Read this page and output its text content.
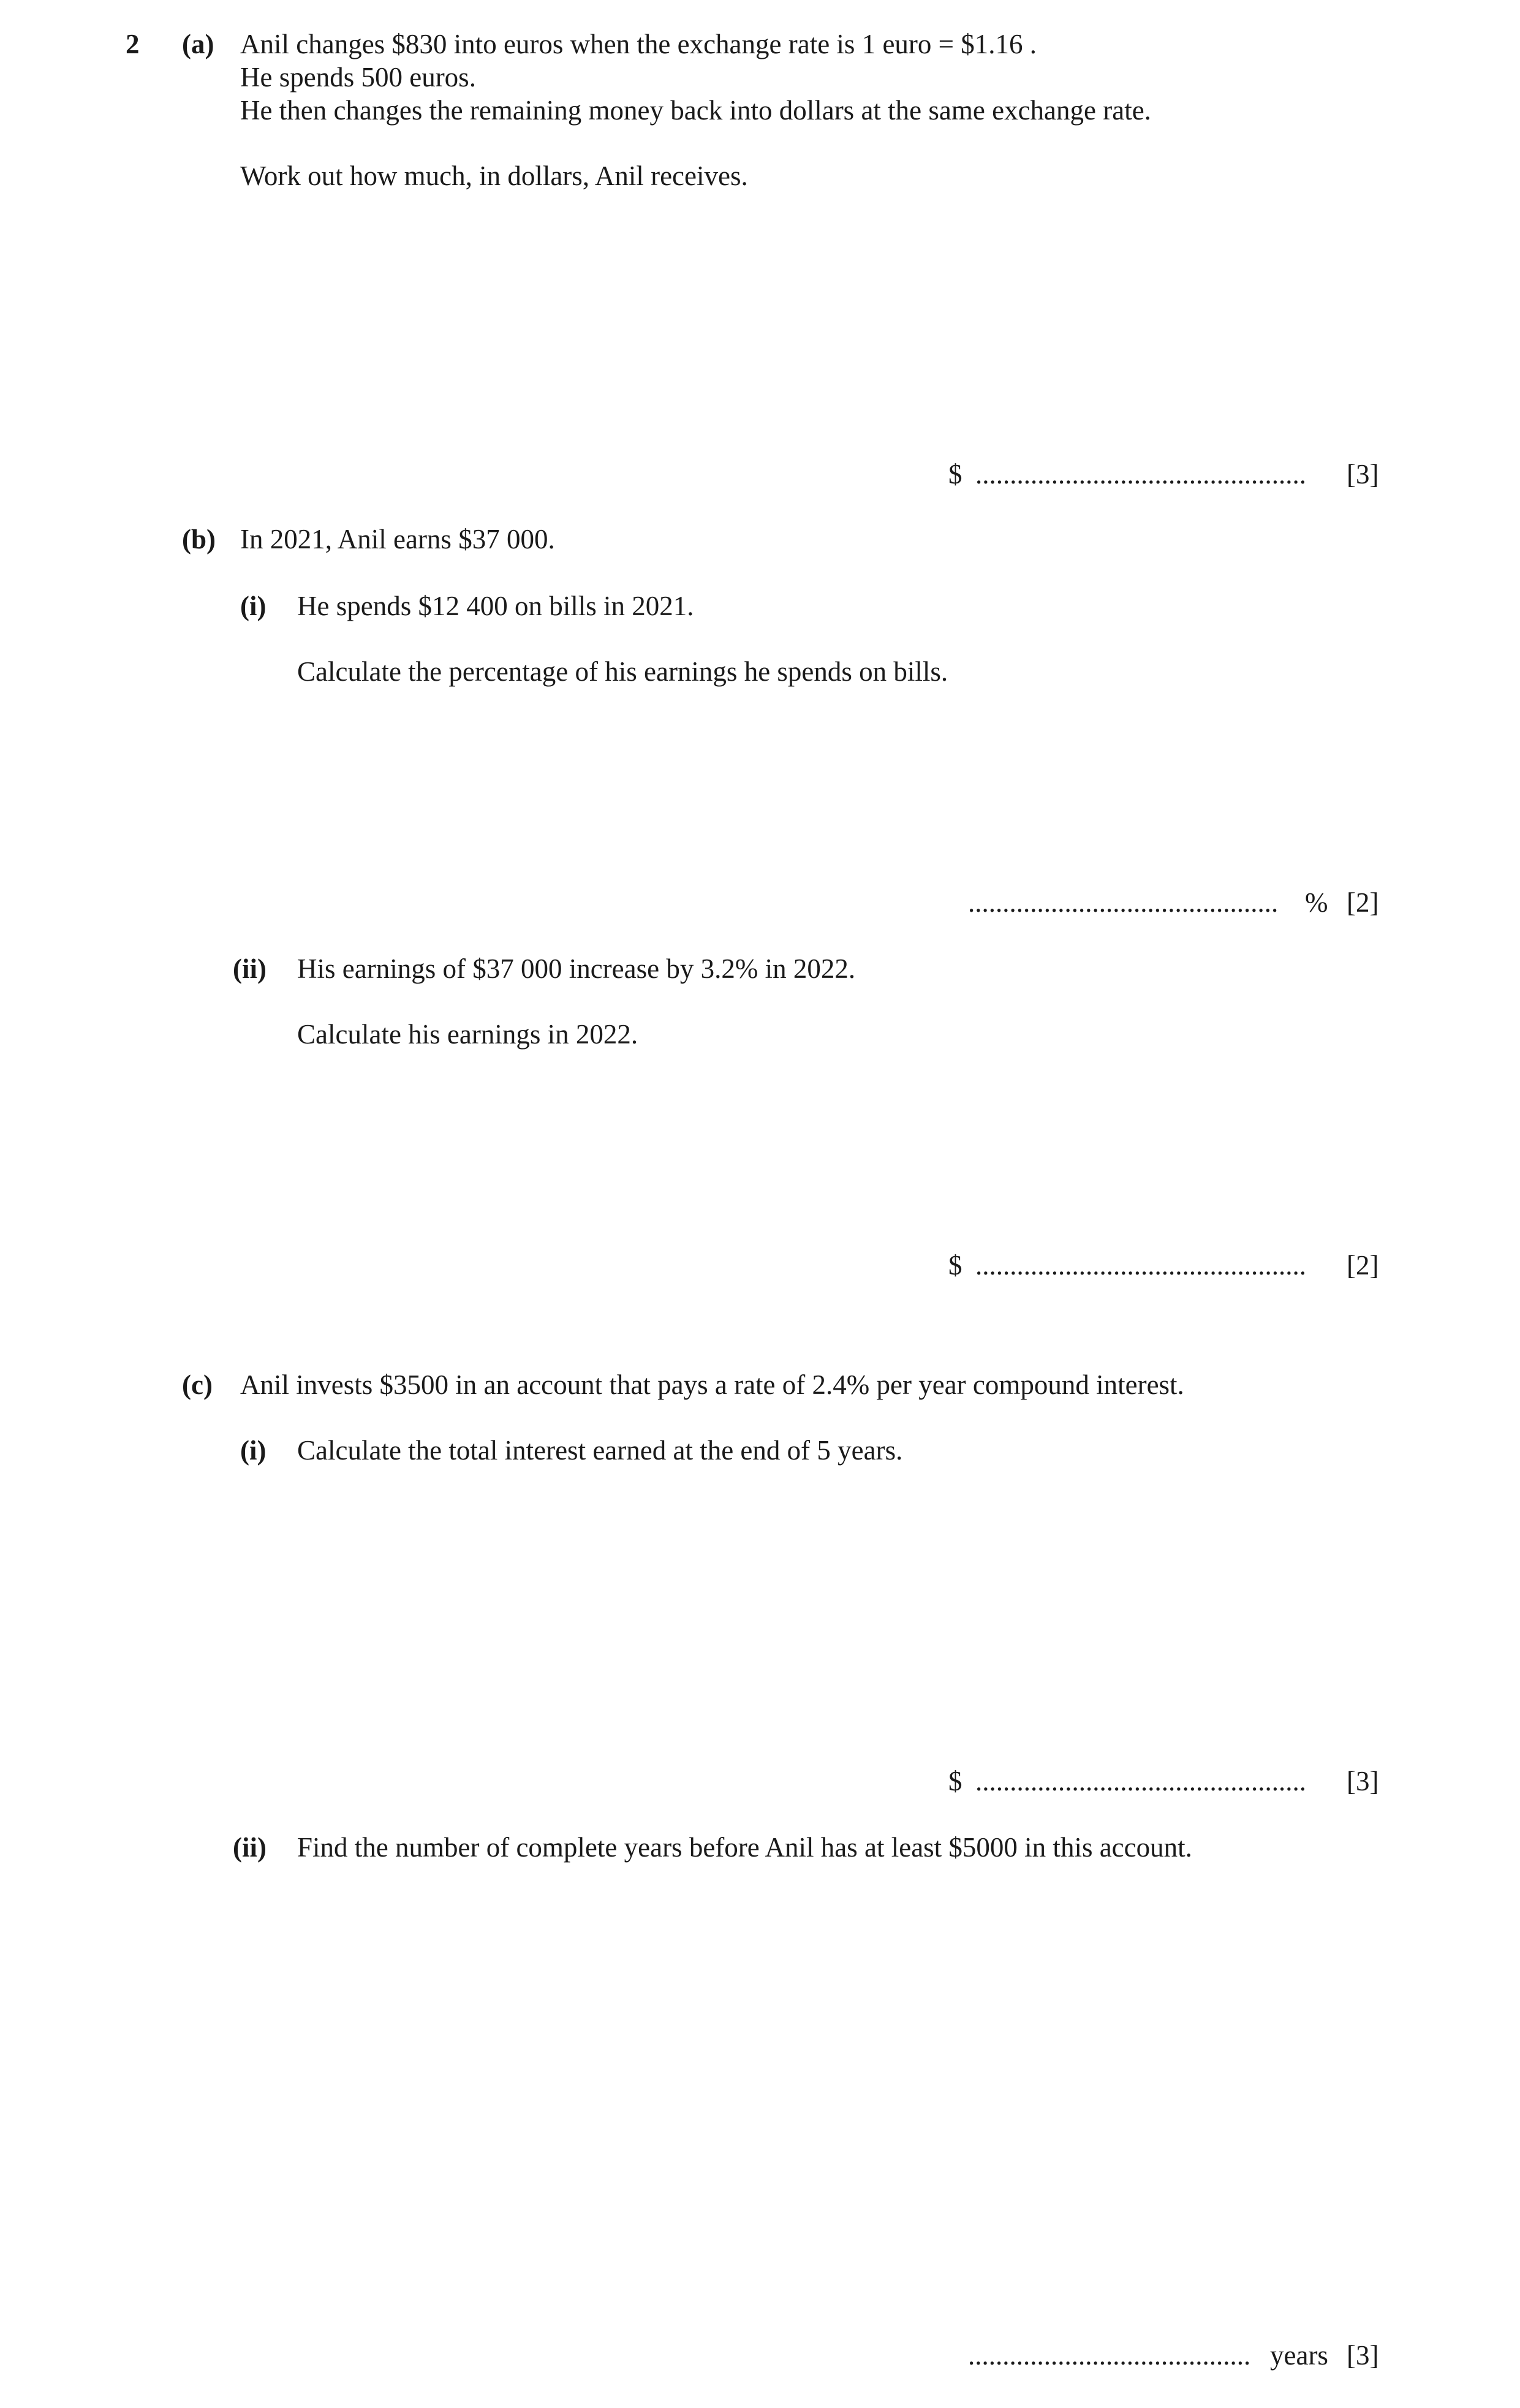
2 (a) Anil changes $830 into euros when the exchange rate is 1 euro = $1.16 .
He spends 500 euros.
He then changes the remaining money back into dollars at the same exchange rate.
Work out how much, in dollars, Anil receives.
$ ................................................ [3]
(b) In 2021, Anil earns $37 000.
(i) He spends $12 400 on bills in 2021.
Calculate the percentage of his earnings he spends on bills.
............................................. % [2]
(ii) His earnings of $37 000 increase by 3.2% in 2022.
Calculate his earnings in 2022.
$ ................................................ [2]
(c) Anil invests $3500 in an account that pays a rate of 2.4% per year compound interest.
(i) Calculate the total interest earned at the end of 5 years.
$ ................................................ [3]
(ii) Find the number of complete years before Anil has at least $5000 in this account.
......................................... years [3]
